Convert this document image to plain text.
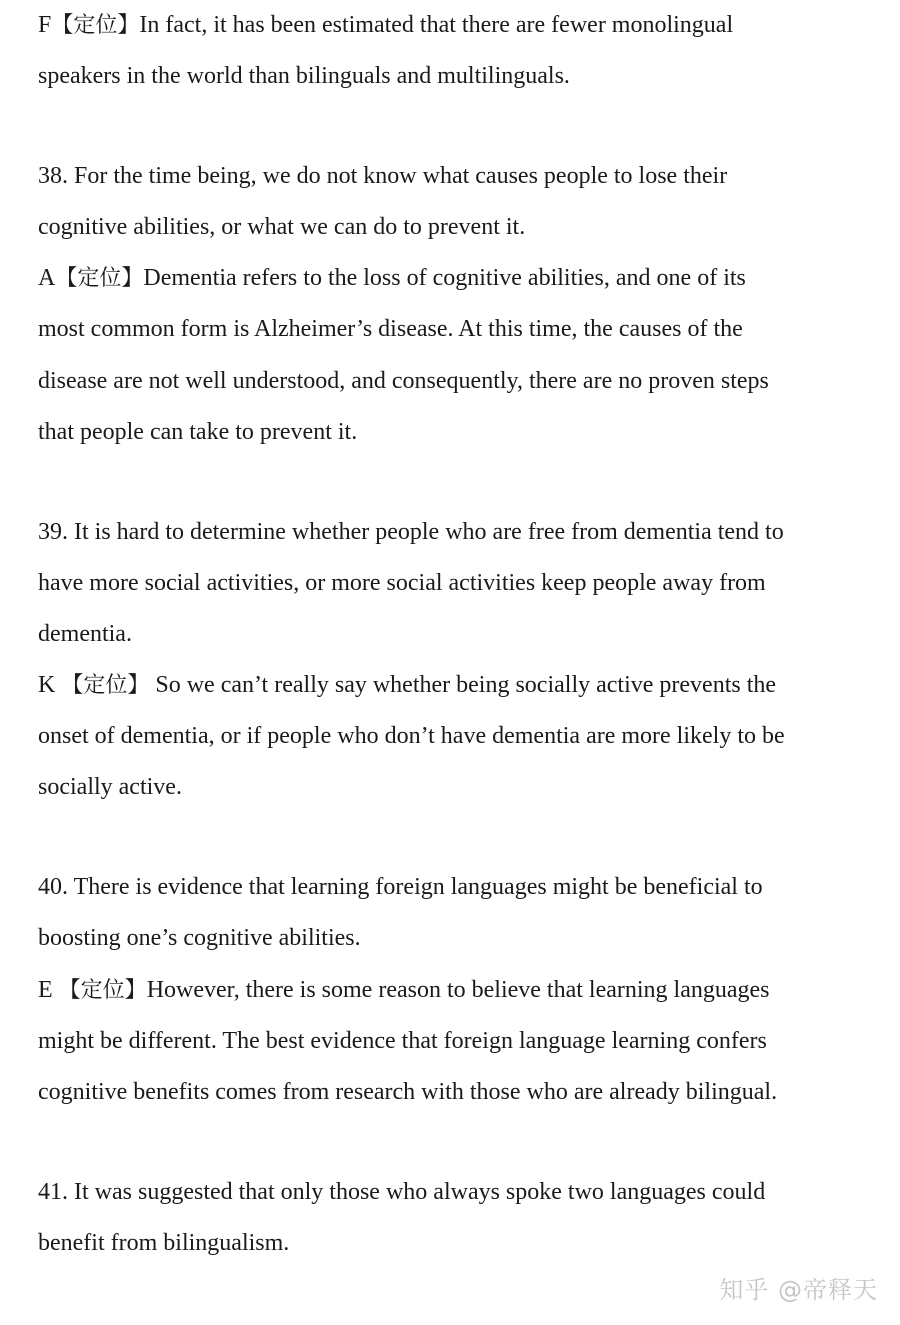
F【定位】In fact, it has been estimated that there are fewer monolingual
speakers in the world than bilinguals and multilinguals.
38. For the time being, we do not know what causes people to lose their
cognitive abilities, or what we can do to prevent it.
A【定位】Dementia refers to the loss of cognitive abilities, and one of its
most common form is Alzheimer’s disease. At this time, the causes of the
disease are not well understood, and consequently, there are no proven steps
that people can take to prevent it.
39. It is hard to determine whether people who are free from dementia tend to
have more social activities, or more social activities keep people away from
dementia.
K 【定位】 So we can’t really say whether being socially active prevents the
onset of dementia, or if people who don’t have dementia are more likely to be
socially active.
40. There is evidence that learning foreign languages might be beneficial to
boosting one’s cognitive abilities.
E 【定位】However, there is some reason to believe that learning languages
might be different. The best evidence that foreign language learning confers
cognitive benefits comes from research with those who are already bilingual.
41. It was suggested that only those who always spoke two languages could
benefit from bilingualism.
知乎 @帝释天
